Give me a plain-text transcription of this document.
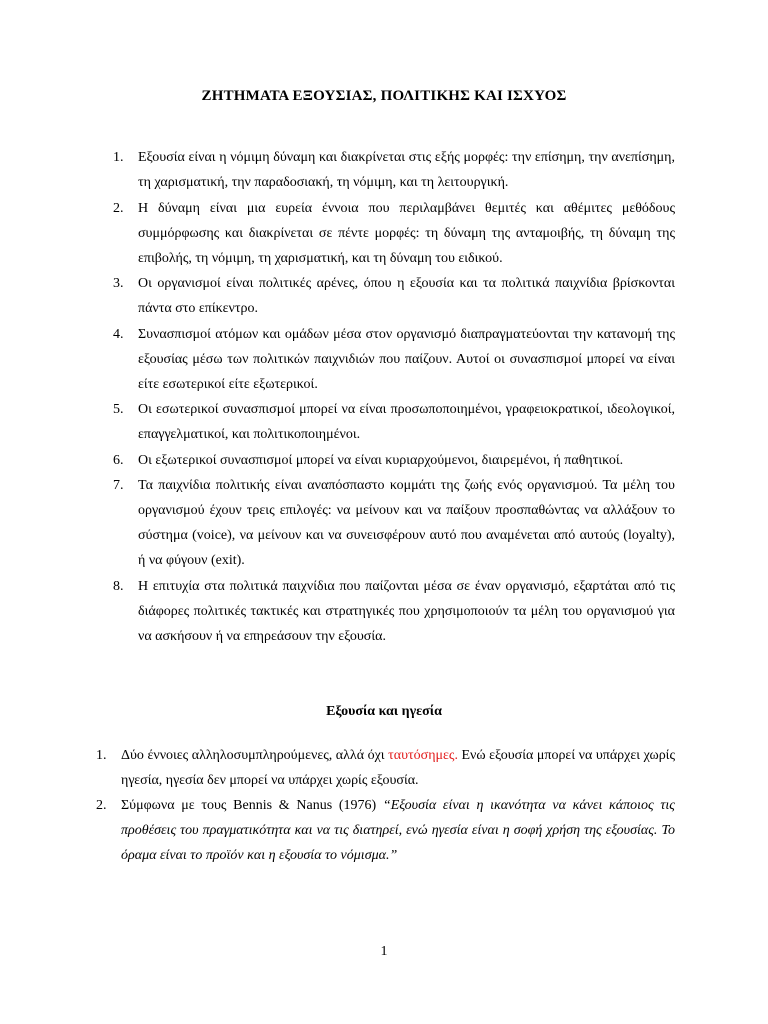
ΖΗΤΗΜΑΤΑ ΕΞΟΥΣΙΑΣ, ΠΟΛΙΤΙΚΗΣ ΚΑΙ ΙΣΧΥΟΣ
1. Εξουσία είναι η νόμιμη δύναμη και διακρίνεται στις εξής μορφές: την επίσημη, την ανεπίσημη, τη χαρισματική, την παραδοσιακή, τη νόμιμη, και τη λειτουργική.
2. Η δύναμη είναι μια ευρεία έννοια που περιλαμβάνει θεμιτές και αθέμιτες μεθόδους συμμόρφωσης και διακρίνεται σε πέντε μορφές: τη δύναμη της ανταμοιβής, τη δύναμη της επιβολής, τη νόμιμη, τη χαρισματική, και τη δύναμη του ειδικού.
3. Οι οργανισμοί είναι πολιτικές αρένες, όπου η εξουσία και τα πολιτικά παιχνίδια βρίσκονται πάντα στο επίκεντρο.
4. Συνασπισμοί ατόμων και ομάδων μέσα στον οργανισμό διαπραγματεύονται την κατανομή της εξουσίας μέσω των πολιτικών παιχνιδιών που παίζουν. Αυτοί οι συνασπισμοί μπορεί να είναι είτε εσωτερικοί είτε εξωτερικοί.
5. Οι εσωτερικοί συνασπισμοί μπορεί να είναι προσωποποιημένοι, γραφειοκρατικοί, ιδεολογικοί, επαγγελματικοί, και πολιτικοποιημένοι.
6. Οι εξωτερικοί συνασπισμοί μπορεί να είναι κυριαρχούμενοι, διαιρεμένοι, ή παθητικοί.
7. Τα παιχνίδια πολιτικής είναι αναπόσπαστο κομμάτι της ζωής ενός οργανισμού. Τα μέλη του οργανισμού έχουν τρεις επιλογές: να μείνουν και να παίξουν προσπαθώντας να αλλάξουν το σύστημα (voice), να μείνουν και να συνεισφέρουν αυτό που αναμένεται από αυτούς (loyalty), ή να φύγουν (exit).
8. Η επιτυχία στα πολιτικά παιχνίδια που παίζονται μέσα σε έναν οργανισμό, εξαρτάται από τις διάφορες πολιτικές τακτικές και στρατηγικές που χρησιμοποιούν τα μέλη του οργανισμού για να ασκήσουν ή να επηρεάσουν την εξουσία.
Εξουσία και ηγεσία
1. Δύο έννοιες αλληλοσυμπληρούμενες, αλλά όχι ταυτόσημες. Ενώ εξουσία μπορεί να υπάρχει χωρίς ηγεσία, ηγεσία δεν μπορεί να υπάρχει χωρίς εξουσία.
2. Σύμφωνα με τους Bennis & Nanus (1976) “Εξουσία είναι η ικανότητα να κάνει κάποιος τις προθέσεις του πραγματικότητα και να τις διατηρεί, ενώ ηγεσία είναι η σοφή χρήση της εξουσίας. Το όραμα είναι το προϊόν και η εξουσία το νόμισμα.”
1
